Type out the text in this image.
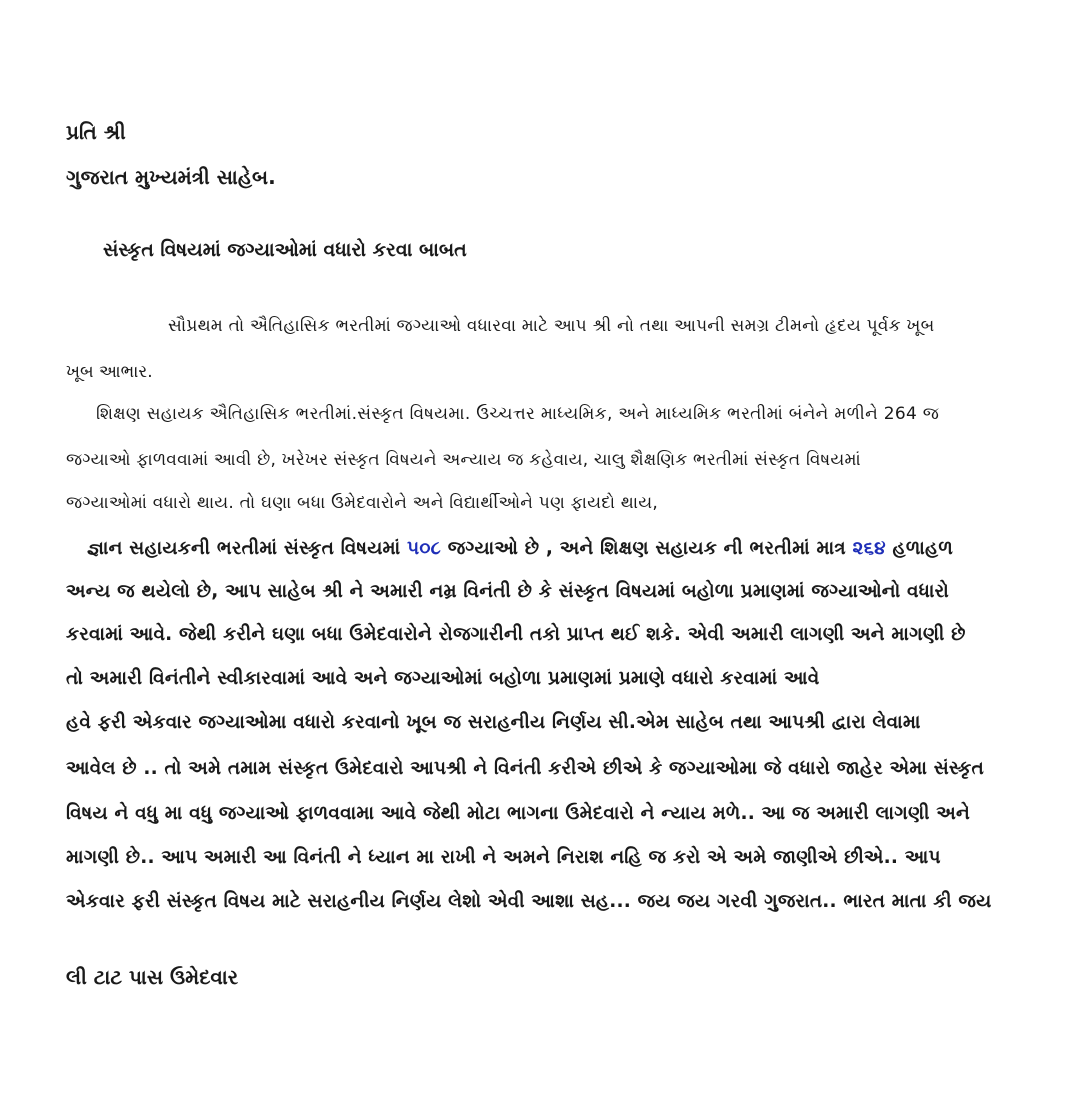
પ્રતિ શ્રી
ગુજરાત મુખ્યમંત્રી સાહેબ.
સંસ્કૃત વિષયમાં જગ્યાઓમાં વધારો કરવા બાબત
સૌપ્રથમ તો ઐતિહાસિક ભરતીમાં જગ્યાઓ વધારવા માટે આપ શ્રી નો તથા આપની સમગ્ર ટીમનો હૃદય પૂર્વક ખૂબ
ખૂબ આભાર.
શિક્ષણ સહાયક ઐતિહાસિક ભરતીમાં.સંસ્કૃત વિષયમા. ઉચ્ચત્તર માધ્યમિક, અને માધ્યમિક ભરતીમાં બંનેને મળીને 264 જ
જગ્યાઓ ફાળવવામાં આવી છે, ખરેખર સંસ્કૃત વિષયને અન્યાય જ કહેવાય, ચાલુ શૈક્ષણિક ભરતીમાં સંસ્કૃત વિષયમાં
જગ્યાઓમાં વધારો થાય. તો ઘણા બધા ઉમેદવારોને અને વિદ્યાર્થીઓને પણ ફાયદો થાય,
જ્ઞાન સહાયકની ભરતીમાં સંસ્કૃત વિષયમાં ૫૦૮ જગ્યાઓ છે , અને શિક્ષણ સહાયક ની ભરતીમાં માત્ર ૨૬૪ હળાહળ
અન્ય જ થયેલો છે, આપ સાહેબ શ્રી ને અમારી નમ્ર વિનંતી છે કે સંસ્કૃત વિષયમાં બહોળા પ્રમાણમાં જગ્યાઓનો વધારો
કરવામાં આવે. જેથી કરીને ઘણા બધા ઉમેદવારોને રોજગારીની તકો પ્રાપ્ત થઈ શકે. એવી અમારી લાગણી અને માગણી છે
તો અમારી વિનંતીને સ્વીકારવામાં આવે અને જગ્યાઓમાં બહોળા પ્રમાણમાં પ્રમાણે વધારો કરવામાં આવે
હવે ફરી એકવાર જગ્યાઓમા વધારો કરવાનો ખૂબ જ સરાહનીય નિર્ણય સી.એમ સાહેબ તથા આપશ્રી દ્વારા લેવામા
આવેલ છે .. તો અમે તમામ સંસ્કૃત ઉમેદવારો આપશ્રી ને વિનંતી કરીએ છીએ કે જગ્યાઓમા જે વધારો જાહેર એમા સંસ્કૃત
વિષય ને વધુ મા વધુ જગ્યાઓ ફાળવવામા આવે જેથી મોટા ભાગના ઉમેદવારો ને ન્યાય મળે.. આ જ અમારી લાગણી અને
માગણી છે.. આપ અમારી આ વિનંતી ને ધ્યાન મા રાખી ને અમને નિરાશ નહિ જ કરો એ અમે જાણીએ છીએ.. આપ
એકવાર ફરી સંસ્કૃત વિષય માટે સરાહનીય નિર્ણય લેશો એવી આશા સહ... જય જય ગરવી ગુજરાત.. ભારત માતા કી જય
લી ટાટ પાસ ઉમેદવાર
